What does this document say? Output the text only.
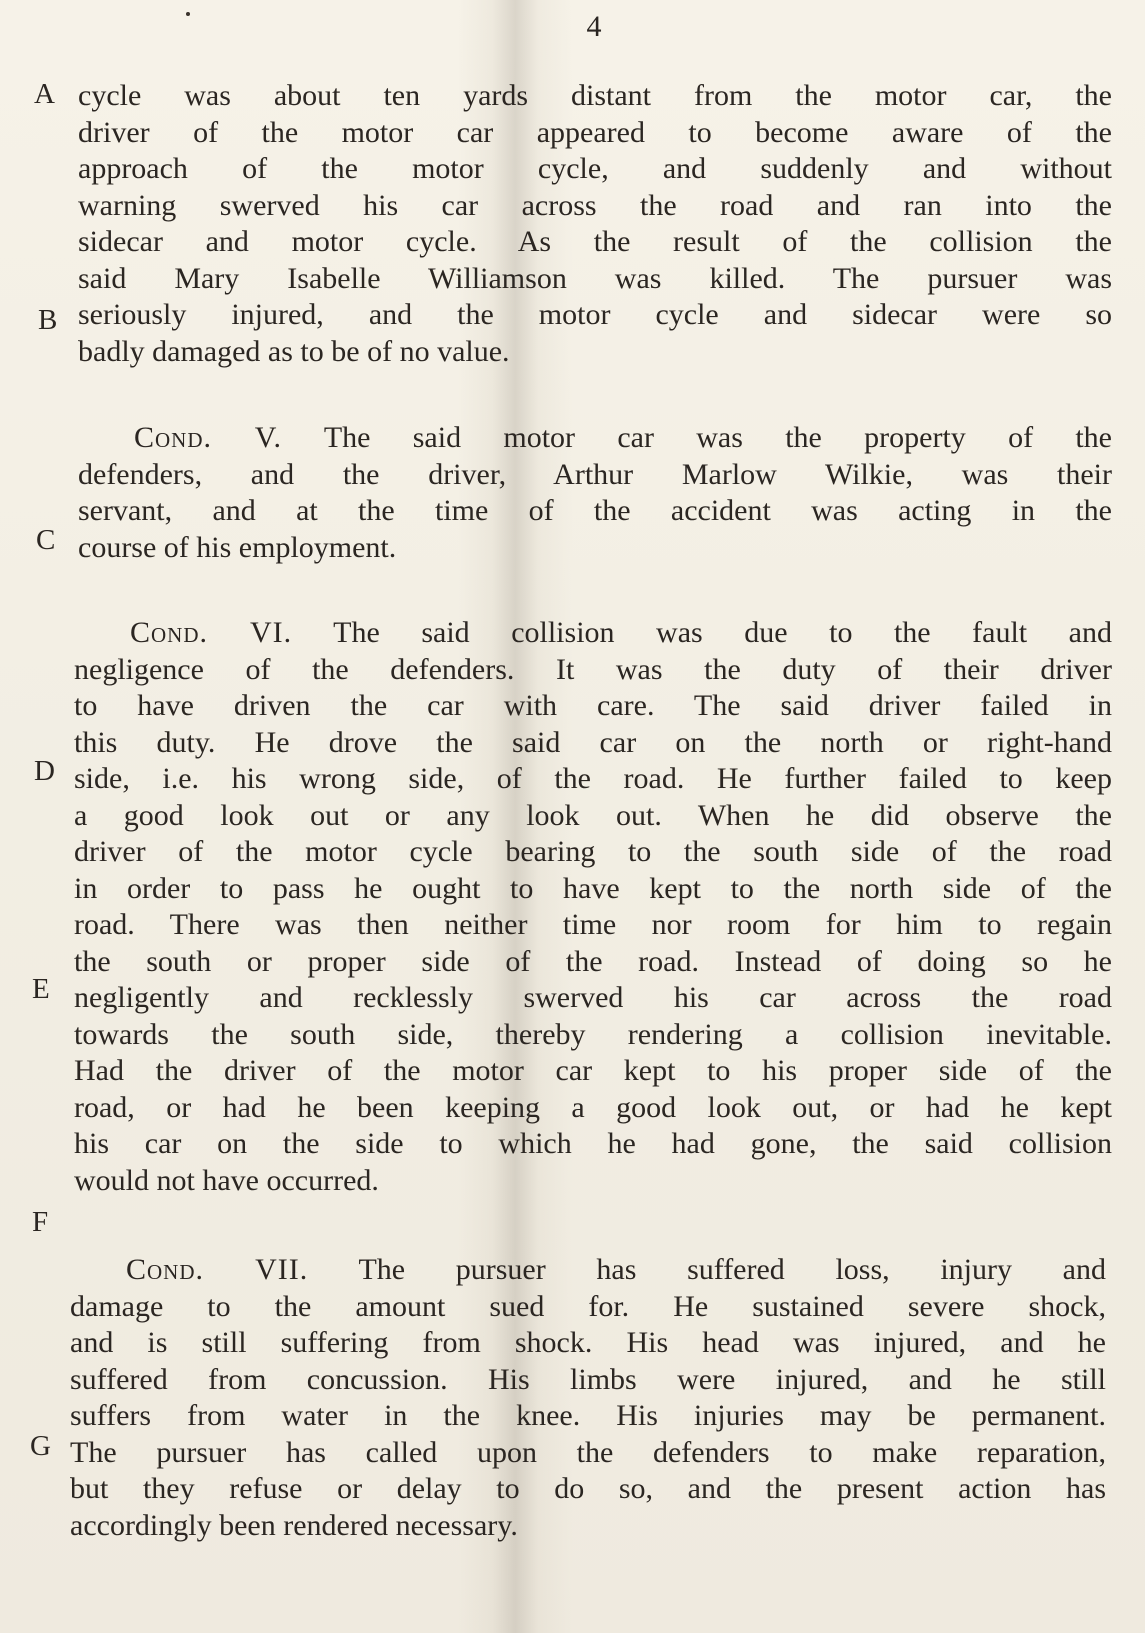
4
A
B
C
D
E
F
G
cycle was about ten yards distant from the motor car, the
driver of the motor car appeared to become aware of the
approach of the motor cycle, and suddenly and without
warning swerved his car across the road and ran into the
sidecar and motor cycle. As the result of the collision the
said Mary Isabelle Williamson was killed. The pursuer was
seriously injured, and the motor cycle and sidecar were so
badly damaged as to be of no value.
Cond. V. The said motor car was the property of the
defenders, and the driver, Arthur Marlow Wilkie, was their
servant, and at the time of the accident was acting in the
course of his employment.
Cond. VI. The said collision was due to the fault and
negligence of the defenders. It was the duty of their driver
to have driven the car with care. The said driver failed in
this duty. He drove the said car on the north or right-hand
side, i.e. his wrong side, of the road. He further failed to keep
a good look out or any look out. When he did observe the
driver of the motor cycle bearing to the south side of the road
in order to pass he ought to have kept to the north side of the
road. There was then neither time nor room for him to regain
the south or proper side of the road. Instead of doing so he
negligently and recklessly swerved his car across the road
towards the south side, thereby rendering a collision inevitable.
Had the driver of the motor car kept to his proper side of the
road, or had he been keeping a good look out, or had he kept
his car on the side to which he had gone, the said collision
would not have occurred.
Cond. VII. The pursuer has suffered loss, injury and
damage to the amount sued for. He sustained severe shock,
and is still suffering from shock. His head was injured, and he
suffered from concussion. His limbs were injured, and he still
suffers from water in the knee. His injuries may be permanent.
The pursuer has called upon the defenders to make reparation,
but they refuse or delay to do so, and the present action has
accordingly been rendered necessary.
